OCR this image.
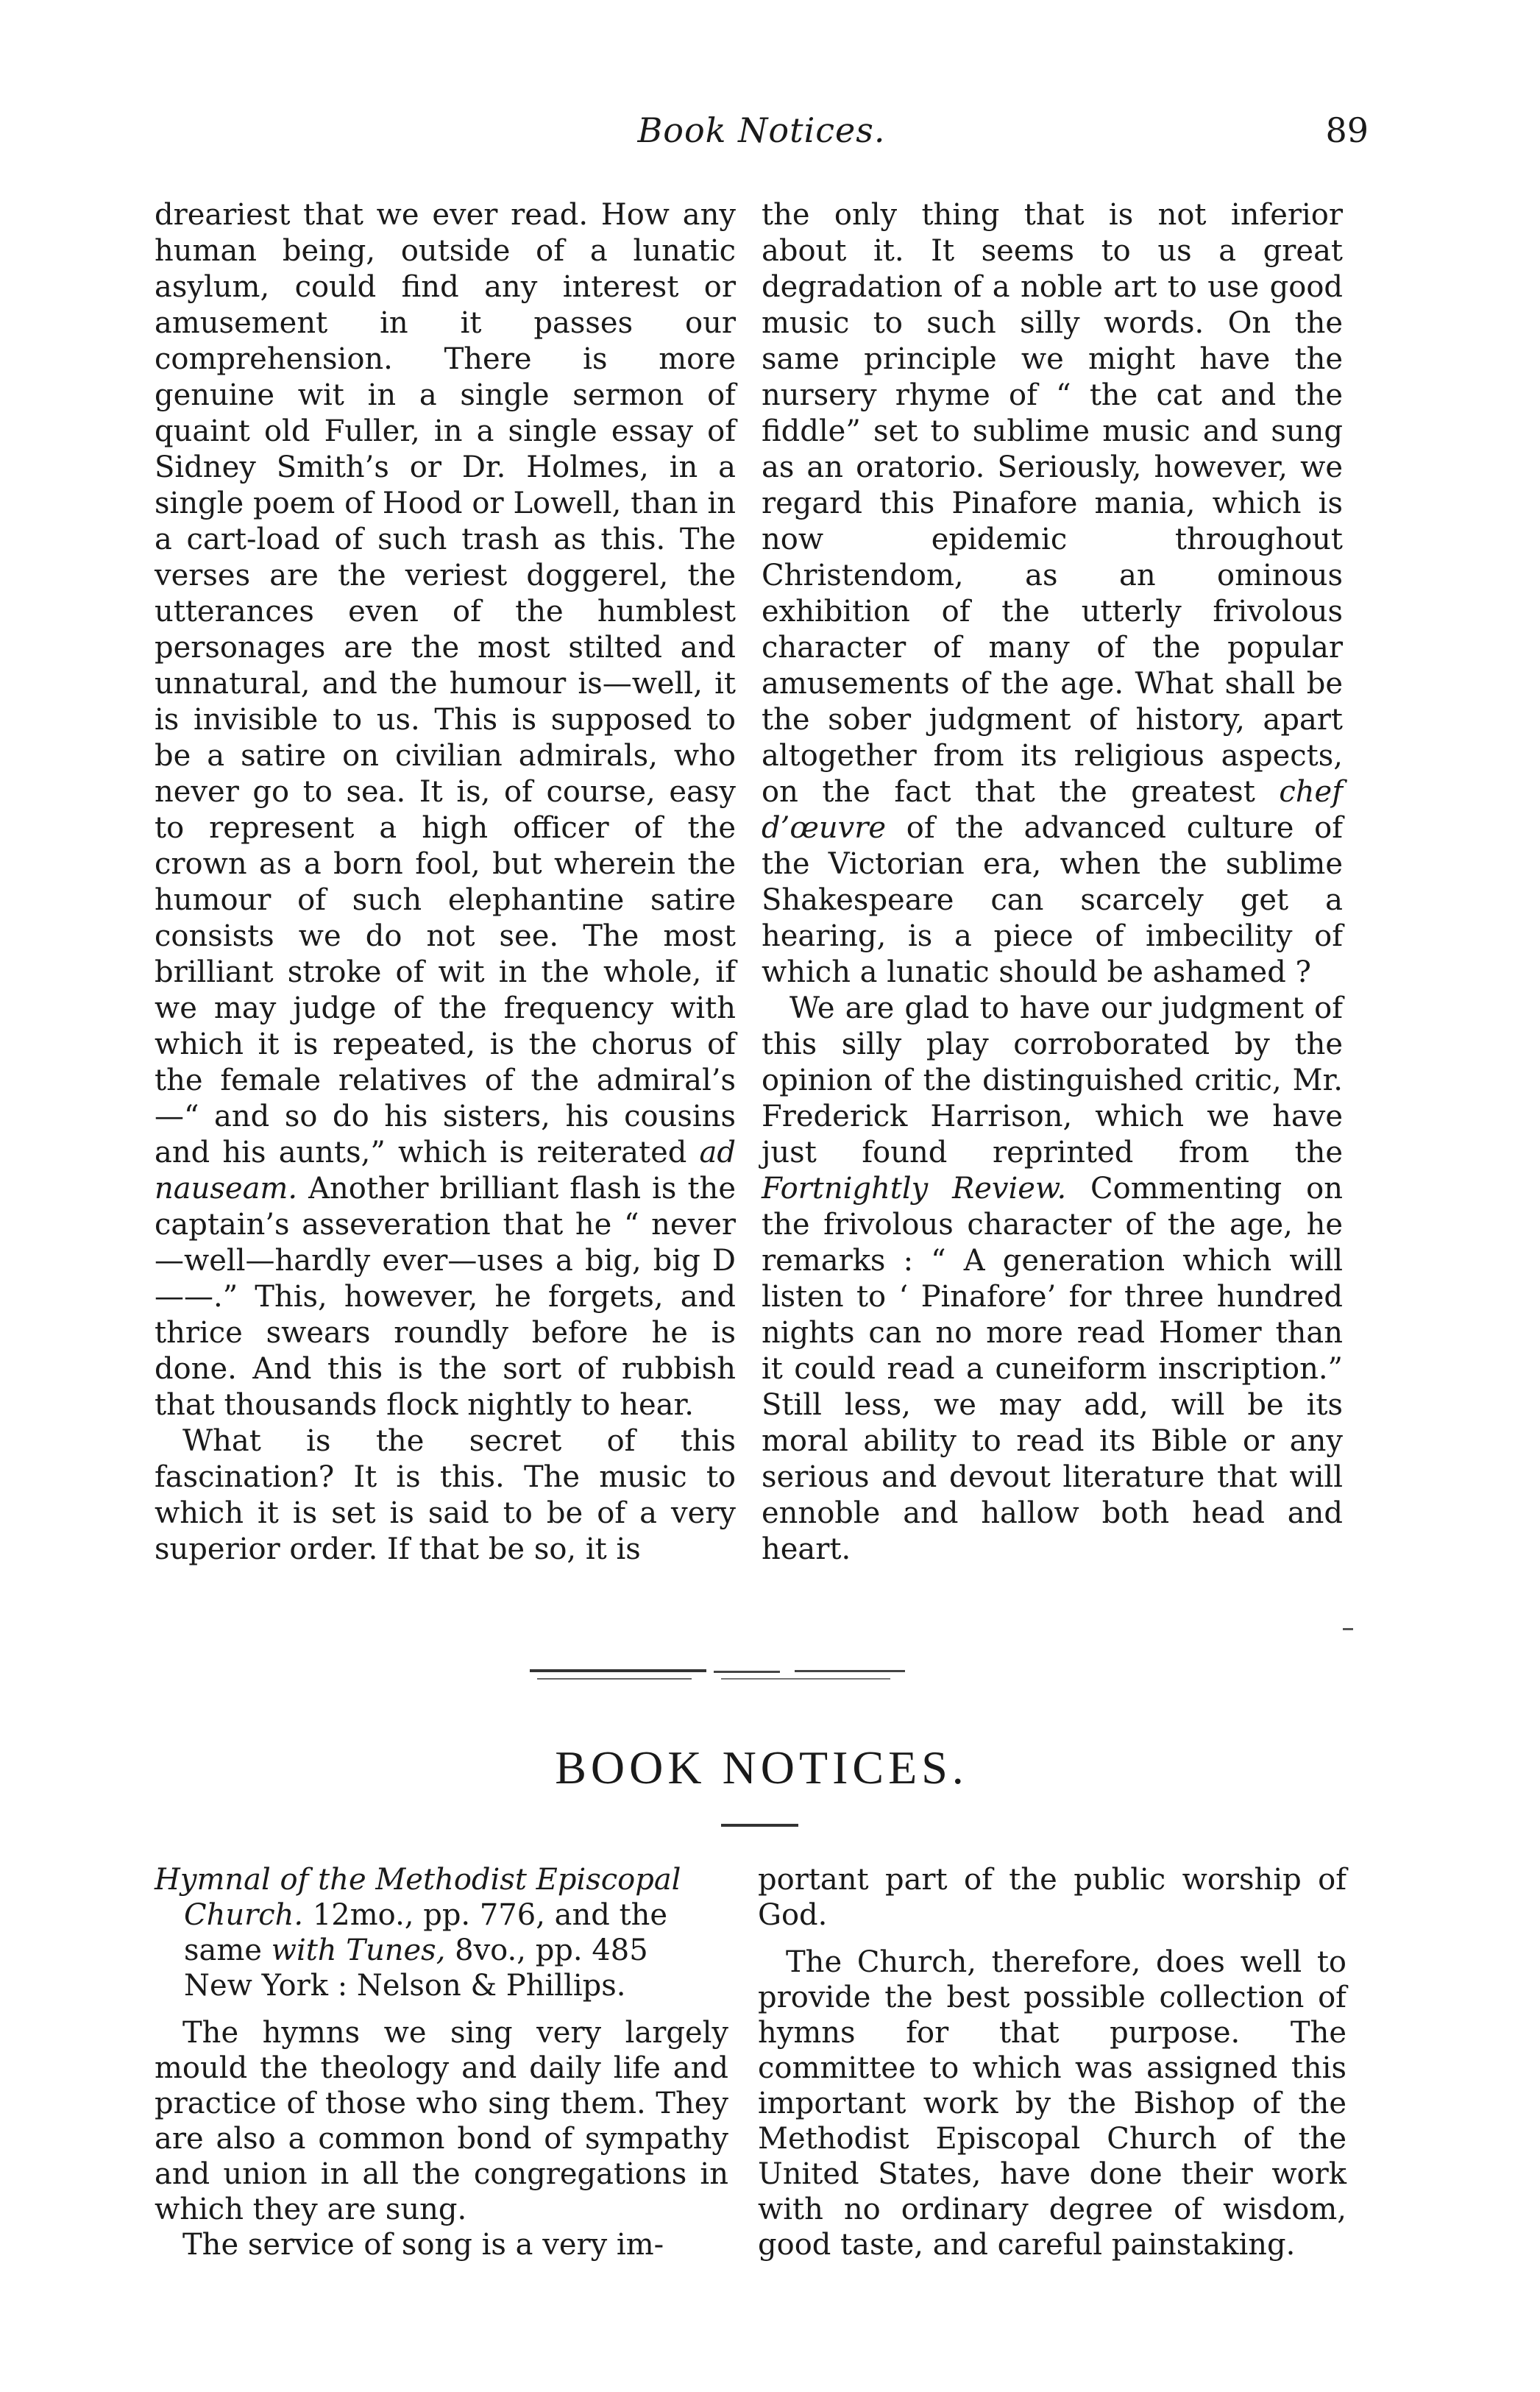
Book Notices.	89

dreariest that we ever read. How any human being, outside of a lunatic asylum, could find any interest or amusement in it passes our comprehension. There is more genuine wit in a single sermon of quaint old Fuller, in a single essay of Sidney Smith’s or Dr. Holmes, in a single poem of Hood or Lowell, than in a cart-load of such trash as this. The verses are the veriest doggerel, the utterances even of the humblest personages are the most stilted and unnatural, and the humour is—well, it is invisible to us. This is supposed to be a satire on civilian admirals, who never go to sea. It is, of course, easy to represent a high officer of the crown as a born fool, but wherein the humour of such elephantine satire consists we do not see. The most brilliant stroke of wit in the whole, if we may judge of the frequency with which it is repeated, is the chorus of the female relatives of the admiral’s—“ and so do his sisters, his cousins and his aunts,” which is reiterated ad nauseam. Another brilliant flash is the captain’s asseveration that he “ never—well—hardly ever—uses a big, big D——.” This, however, he forgets, and thrice swears roundly before he is done. And this is the sort of rubbish that thousands flock nightly to hear.

What is the secret of this fascination? It is this. The music to which it is set is said to be of a very superior order. If that be so, it is

the only thing that is not inferior about it. It seems to us a great degradation of a noble art to use good music to such silly words. On the same principle we might have the nursery rhyme of “ the cat and the fiddle” set to sublime music and sung as an oratorio. Seriously, however, we regard this Pinafore mania, which is now epidemic throughout Christendom, as an ominous exhibition of the utterly frivolous character of many of the popular amusements of the age. What shall be the sober judgment of history, apart altogether from its religious aspects, on the fact that the greatest chef d’œuvre of the advanced culture of the Victorian era, when the sublime Shakespeare can scarcely get a hearing, is a piece of imbecility of which a lunatic should be ashamed ?

We are glad to have our judgment of this silly play corroborated by the opinion of the distinguished critic, Mr. Frederick Harrison, which we have just found reprinted from the Fortnightly Review. Commenting on the frivolous character of the age, he remarks : “ A generation which will listen to ‘ Pinafore’ for three hundred nights can no more read Homer than it could read a cuneiform inscription.” Still less, we may add, will be its moral ability to read its Bible or any serious and devout literature that will ennoble and hallow both head and heart.

BOOK NOTICES.
Hymnal of the Methodist Episcopal
Church. 12mo., pp. 776, and the
same with Tunes, 8vo., pp. 485
New York : Nelson & Phillips.

The hymns we sing very largely mould the theology and daily life and practice of those who sing them. They are also a common bond of sympathy and union in all the congregations in which they are sung.

The service of song is a very im-

portant part of the public worship of God.

The Church, therefore, does well to provide the best possible collection of hymns for that purpose. The committee to which was assigned this important work by the Bishop of the Methodist Episcopal Church of the United States, have done their work with no ordinary degree of wisdom, good taste, and careful painstaking.
